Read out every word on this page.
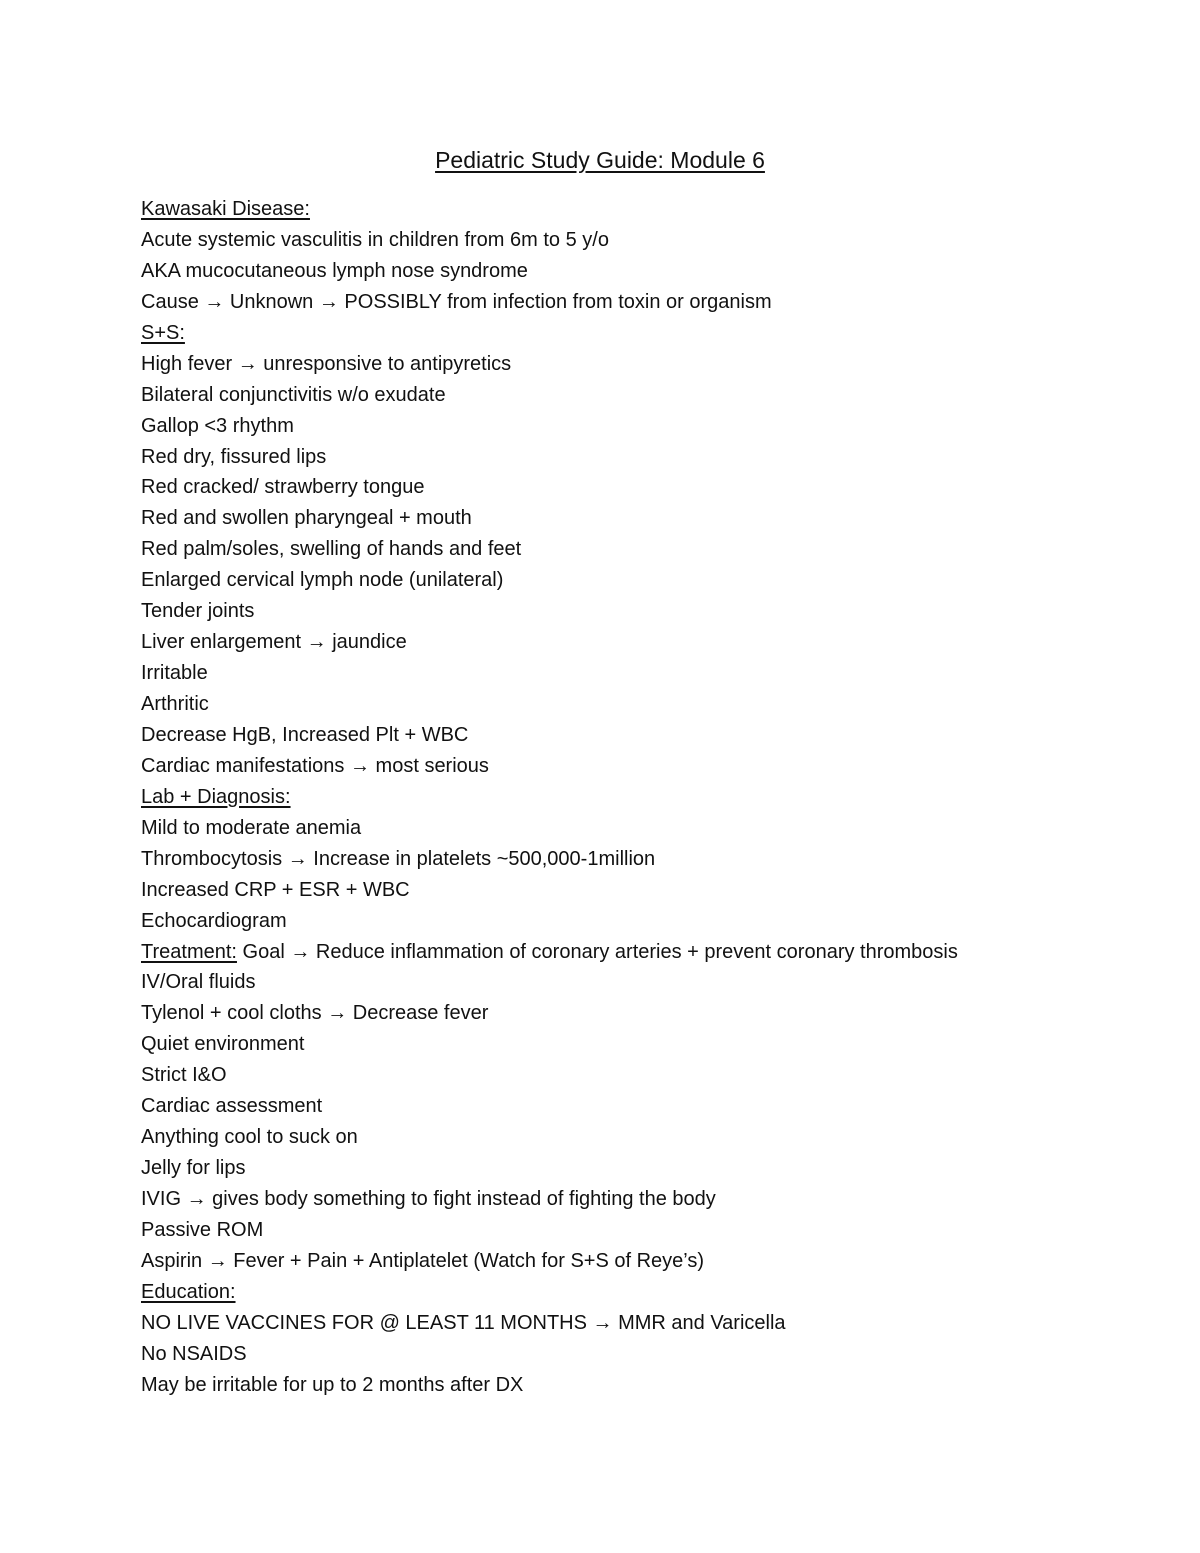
Pediatric Study Guide: Module 6
Kawasaki Disease:
Acute systemic vasculitis in children from 6m to 5 y/o
AKA mucocutaneous lymph nose syndrome
Cause → Unknown → POSSIBLY from infection from toxin or organism
S+S:
High fever → unresponsive to antipyretics
Bilateral conjunctivitis w/o exudate
Gallop <3 rhythm
Red dry, fissured lips
Red cracked/ strawberry tongue
Red and swollen pharyngeal + mouth
Red palm/soles, swelling of hands and feet
Enlarged cervical lymph node (unilateral)
Tender joints
Liver enlargement → jaundice
Irritable
Arthritic
Decrease HgB, Increased Plt + WBC
Cardiac manifestations → most serious
Lab + Diagnosis:
Mild to moderate anemia
Thrombocytosis → Increase in platelets ~500,000-1million
Increased CRP + ESR + WBC
Echocardiogram
Treatment: Goal → Reduce inflammation of coronary arteries + prevent coronary thrombosis
IV/Oral fluids
Tylenol + cool cloths → Decrease fever
Quiet environment
Strict I&O
Cardiac assessment
Anything cool to suck on
Jelly for lips
IVIG → gives body something to fight instead of fighting the body
Passive ROM
Aspirin → Fever + Pain + Antiplatelet (Watch for S+S of Reye’s)
Education:
NO LIVE VACCINES FOR @ LEAST 11 MONTHS → MMR and Varicella
No NSAIDS
May be irritable for up to 2 months after DX
